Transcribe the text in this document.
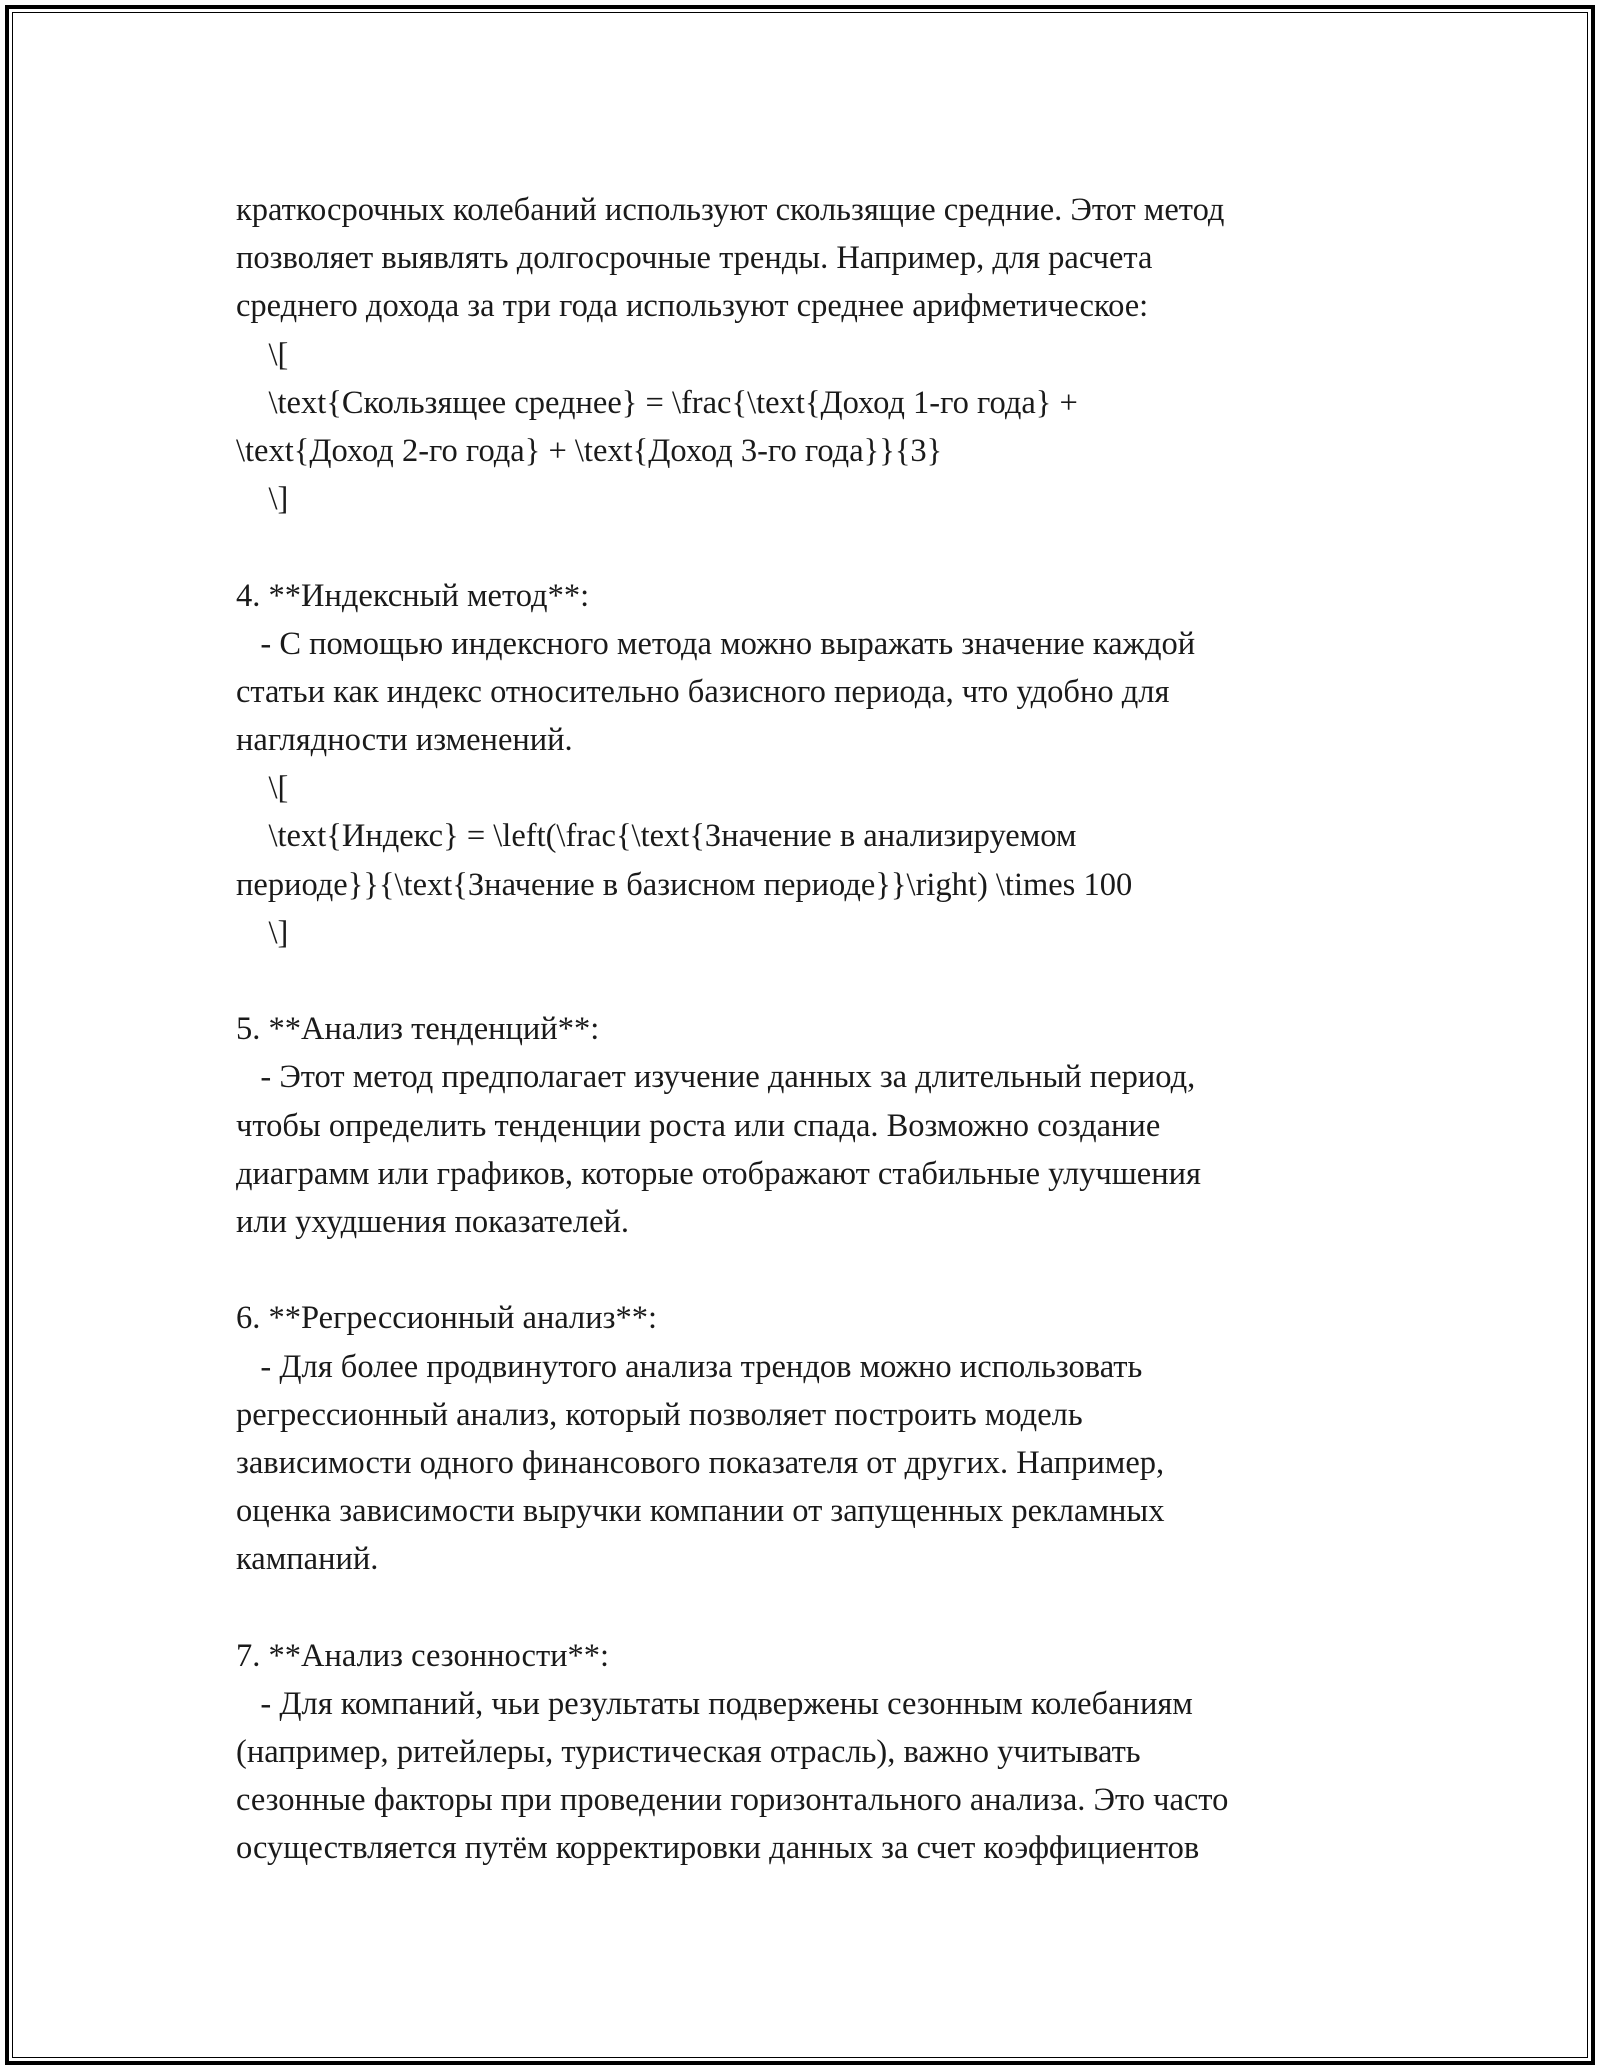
краткосрочных колебаний используют скользящие средние. Этот метод

позволяет выявлять долгосрочные тренды. Например, для расчета

среднего дохода за три года используют среднее арифметическое:

\[

\text{Скользящее среднее} = \frac{\text{Доход 1-го года} +

\text{Доход 2-го года} + \text{Доход 3-го года}}{3}

\]

4. **Индексный метод**:

- С помощью индексного метода можно выражать значение каждой

статьи как индекс относительно базисного периода, что удобно для

наглядности изменений.

\[

\text{Индекс} = \left(\frac{\text{Значение в анализируемом

периоде}}{\text{Значение в базисном периоде}}\right) \times 100

\]

5. **Анализ тенденций**:

- Этот метод предполагает изучение данных за длительный период,

чтобы определить тенденции роста или спада. Возможно создание

диаграмм или графиков, которые отображают стабильные улучшения

или ухудшения показателей.

6. **Регрессионный анализ**:

- Для более продвинутого анализа трендов можно использовать

регрессионный анализ, который позволяет построить модель

зависимости одного финансового показателя от других. Например,

оценка зависимости выручки компании от запущенных рекламных

кампаний.

7. **Анализ сезонности**:

- Для компаний, чьи результаты подвержены сезонным колебаниям

(например, ритейлеры, туристическая отрасль), важно учитывать

сезонные факторы при проведении горизонтального анализа. Это часто

осуществляется путём корректировки данных за счет коэффициентов
